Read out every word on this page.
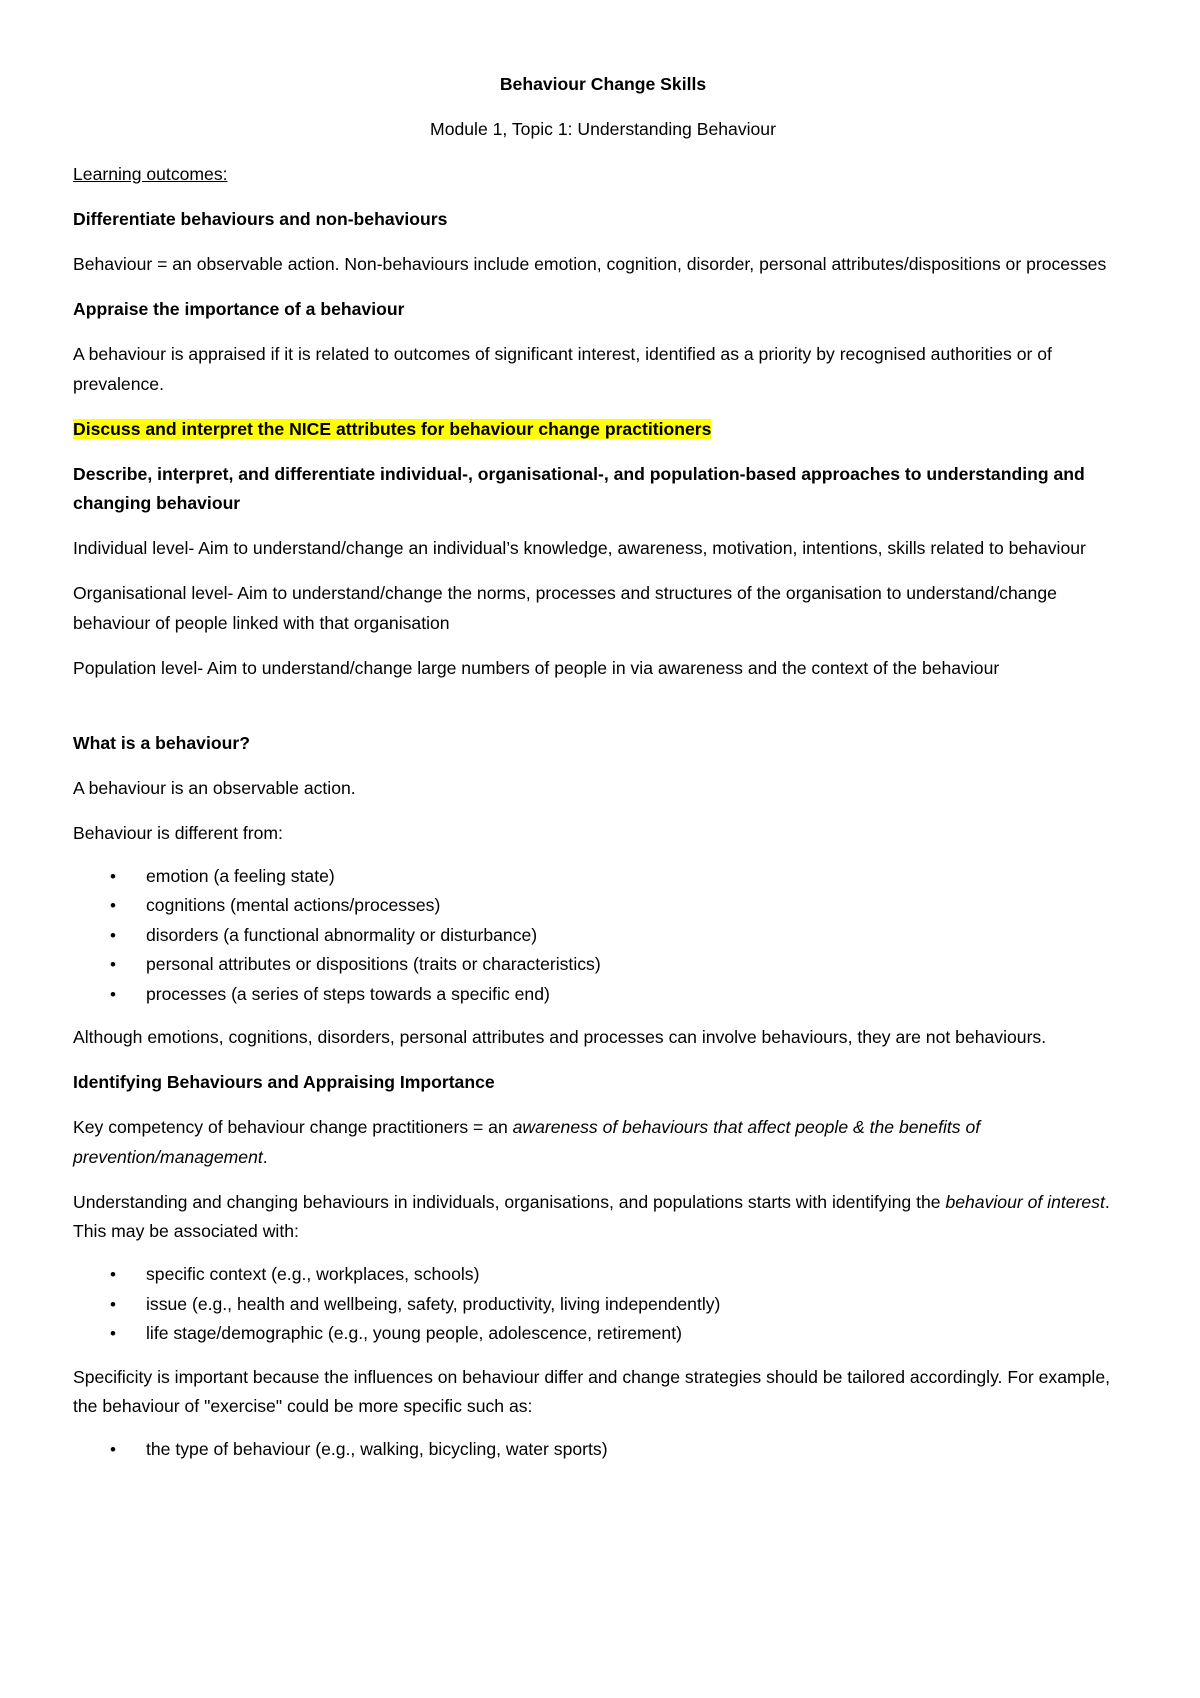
Behaviour Change Skills

Module 1, Topic 1: Understanding Behaviour

Learning outcomes:

Differentiate behaviours and non-behaviours

Behaviour = an observable action. Non-behaviours include emotion, cognition, disorder, personal attributes/dispositions or processes

Appraise the importance of a behaviour

A behaviour is appraised if it is related to outcomes of significant interest, identified as a priority by recognised authorities or of prevalence.

Discuss and interpret the NICE attributes for behaviour change practitioners

Describe, interpret, and differentiate individual-, organisational-, and population-based approaches to understanding and changing behaviour

Individual level- Aim to understand/change an individual’s knowledge, awareness, motivation, intentions, skills related to behaviour

Organisational level- Aim to understand/change the norms, processes and structures of the organisation to understand/change behaviour of people linked with that organisation

Population level- Aim to understand/change large numbers of people in via awareness and the context of the behaviour

What is a behaviour?

A behaviour is an observable action.

Behaviour is different from:

• emotion (a feeling state)
• cognitions (mental actions/processes)
• disorders (a functional abnormality or disturbance)
• personal attributes or dispositions (traits or characteristics)
• processes (a series of steps towards a specific end)

Although emotions, cognitions, disorders, personal attributes and processes can involve behaviours, they are not behaviours.

Identifying Behaviours and Appraising Importance

Key competency of behaviour change practitioners = an awareness of behaviours that affect people & the benefits of prevention/management.

Understanding and changing behaviours in individuals, organisations, and populations starts with identifying the behaviour of interest. This may be associated with:

• specific context (e.g., workplaces, schools)
• issue (e.g., health and wellbeing, safety, productivity, living independently)
• life stage/demographic (e.g., young people, adolescence, retirement)

Specificity is important because the influences on behaviour differ and change strategies should be tailored accordingly. For example, the behaviour of "exercise" could be more specific such as:

• the type of behaviour (e.g., walking, bicycling, water sports)
